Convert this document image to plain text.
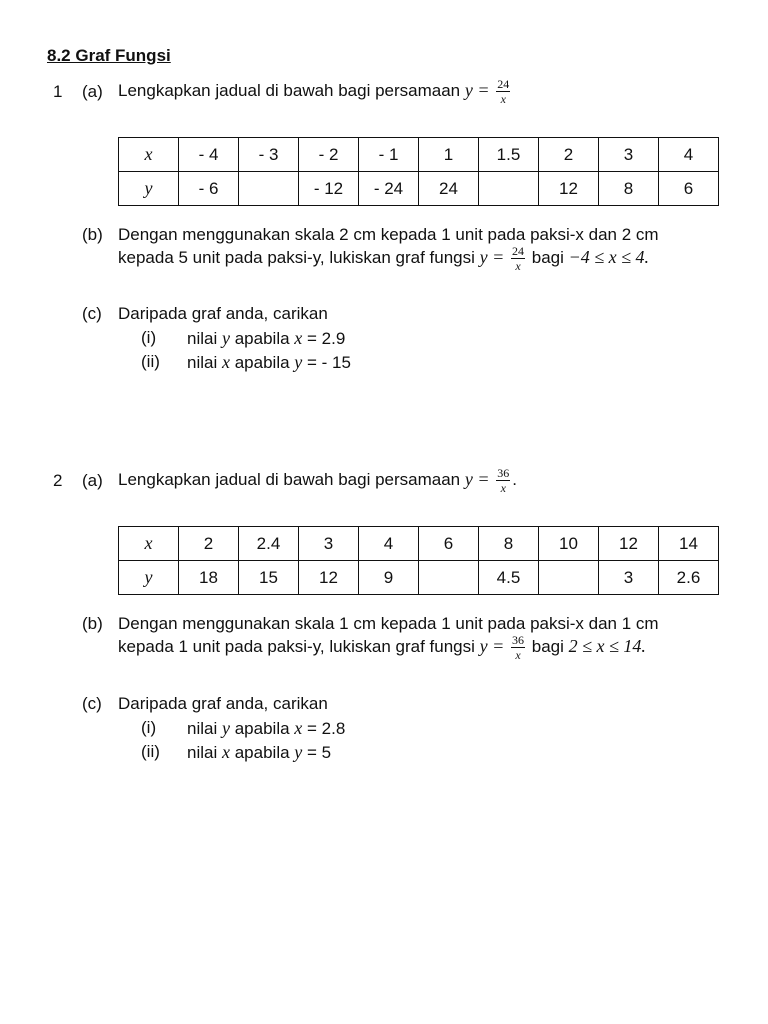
8.2 Graf Fungsi
1 (a) Lengkapkan jadual di bawah bagi persamaan $y = \frac{24}{x}$
x	- 4	- 3	- 2	- 1	1	1.5	2	3	4
y	- 6		- 12	- 24	24		12	8	6
(b) Dengan menggunakan skala 2 cm kepada 1 unit pada paksi-x dan 2 cm
kepada 5 unit pada paksi-y, lukiskan graf fungsi $y = \frac{24}{x}$ bagi −4 ≤ x ≤ 4.
(c) Daripada graf anda, carikan
(i) nilai y apabila x = 2.9
(ii) nilai x apabila y = - 15
2 (a) Lengkapkan jadual di bawah bagi persamaan $y = \frac{36}{x}$ .
x	2	2.4	3	4	6	8	10	12	14
y	18	15	12	9		4.5		3	2.6
(b) Dengan menggunakan skala 1 cm kepada 1 unit pada paksi-x dan 1 cm
kepada 1 unit pada paksi-y, lukiskan graf fungsi $y = \frac{36}{x}$ bagi 2 ≤ x ≤ 14.
(c) Daripada graf anda, carikan
(i) nilai y apabila x = 2.8
(ii) nilai x apabila y = 5
